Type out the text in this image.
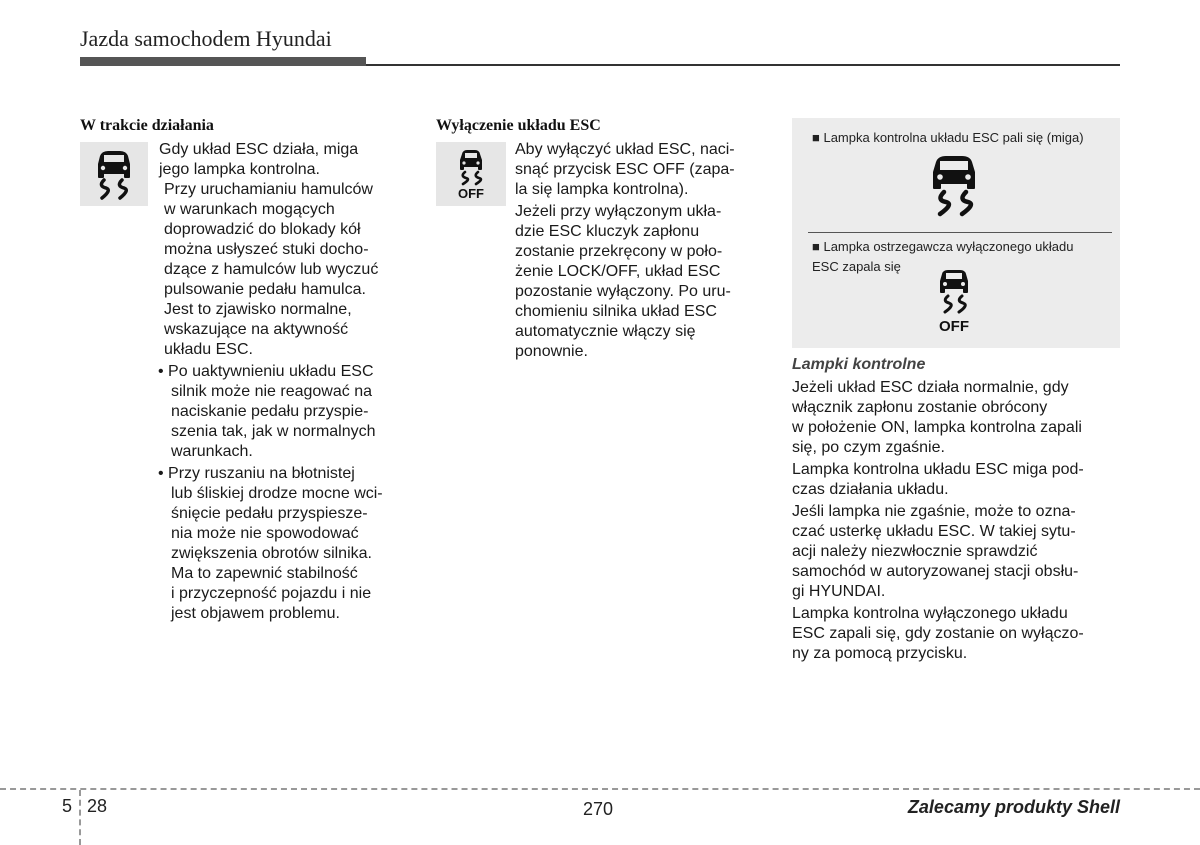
Jazda samochodem Hyundai
W trakcie działania
Gdy układ ESC działa, miga
jego lampka kontrolna.
Przy uruchamianiu hamulców
w warunkach mogących
doprowadzić do blokady kół
można usłyszeć stuki docho-
dzące z hamulców lub wyczuć
pulsowanie pedału hamulca.
Jest to zjawisko normalne,
wskazujące na aktywność
układu ESC.
• Po uaktywnieniu układu ESC
silnik może nie reagować na
naciskanie pedału przyspie-
szenia tak, jak w normalnych
warunkach.
• Przy ruszaniu na błotnistej
lub śliskiej drodze mocne wci-
śnięcie pedału przyspiesze-
nia może nie spowodować
zwiększenia obrotów silnika.
Ma to zapewnić stabilność
i przyczepność pojazdu i nie
jest objawem problemu.
Wyłączenie układu ESC
OFF
Aby wyłączyć układ ESC, naci-
snąć przycisk ESC OFF (zapa-
la się lampka kontrolna).
Jeżeli przy wyłączonym ukła-
dzie ESC kluczyk zapłonu
zostanie przekręcony w poło-
żenie LOCK/OFF, układ ESC
pozostanie wyłączony. Po uru-
chomieniu silnika układ ESC
automatycznie włączy się
ponownie.
■ Lampka kontrolna układu ESC pali się (miga)
■ Lampka ostrzegawcza wyłączonego układu
ESC zapala się
OFF
Lampki kontrolne
Jeżeli układ ESC działa normalnie, gdy
włącznik zapłonu zostanie obrócony
w położenie ON, lampka kontrolna zapali
się, po czym zgaśnie.
Lampka kontrolna układu ESC miga pod-
czas działania układu.
Jeśli lampka nie zgaśnie, może to ozna-
czać usterkę układu ESC. W takiej sytu-
acji należy niezwłocznie sprawdzić
samochód w autoryzowanej stacji obsłu-
gi HYUNDAI.
Lampka kontrolna wyłączonego układu
ESC zapali się, gdy zostanie on wyłączo-
ny za pomocą przycisku.
5 28	270	Zalecamy produkty Shell
